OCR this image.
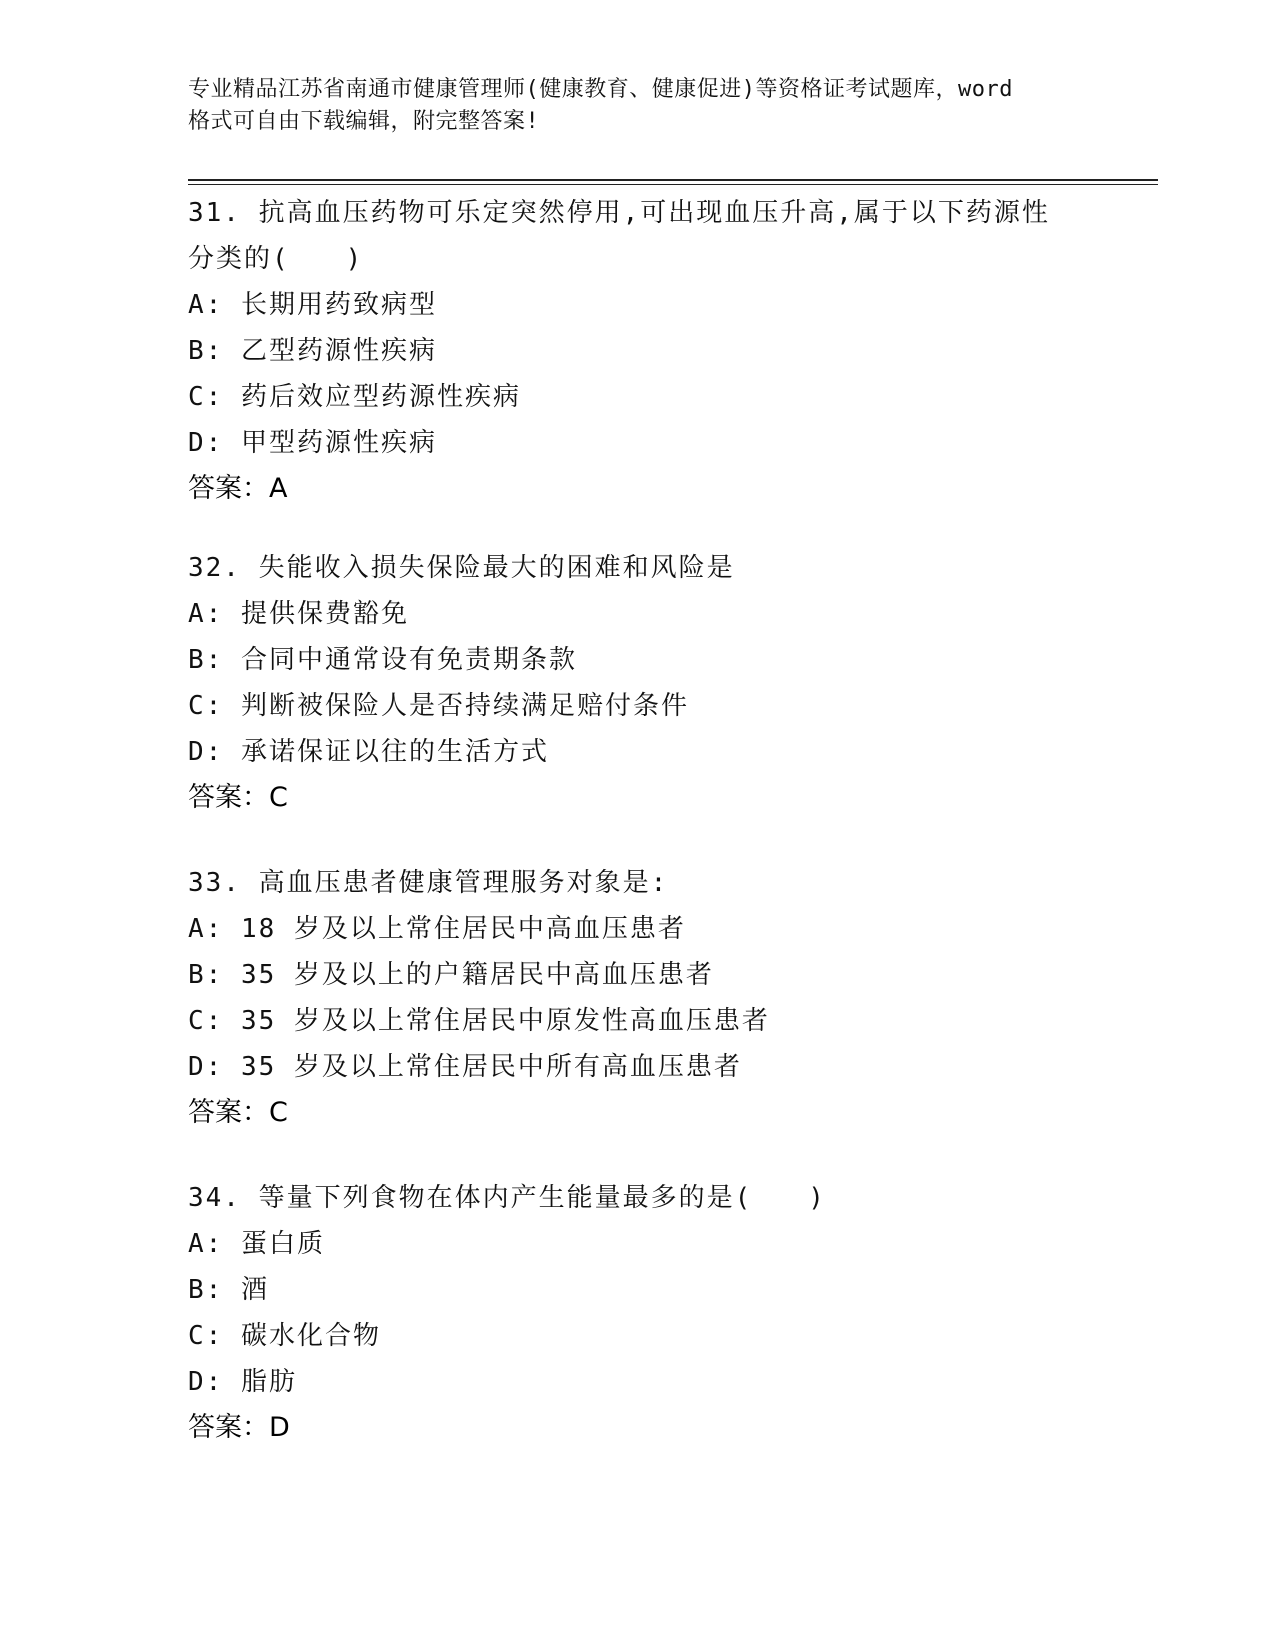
专业精品江苏省南通市健康管理师(健康教育、健康促进)等资格证考试题库，word
格式可自由下载编辑，附完整答案!
31. 抗高血压药物可乐定突然停用,可出现血压升高,属于以下药源性
分类的(　　)
A: 长期用药致病型
B: 乙型药源性疾病
C: 药后效应型药源性疾病
D: 甲型药源性疾病
答案：A
32. 失能收入损失保险最大的困难和风险是
A: 提供保费豁免
B: 合同中通常设有免责期条款
C: 判断被保险人是否持续满足赔付条件
D: 承诺保证以往的生活方式
答案：C
33. 高血压患者健康管理服务对象是:
A: 18 岁及以上常住居民中高血压患者
B: 35 岁及以上的户籍居民中高血压患者
C: 35 岁及以上常住居民中原发性高血压患者
D: 35 岁及以上常住居民中所有高血压患者
答案：C
34. 等量下列食物在体内产生能量最多的是(　　)
A: 蛋白质
B: 酒
C: 碳水化合物
D: 脂肪
答案：D
